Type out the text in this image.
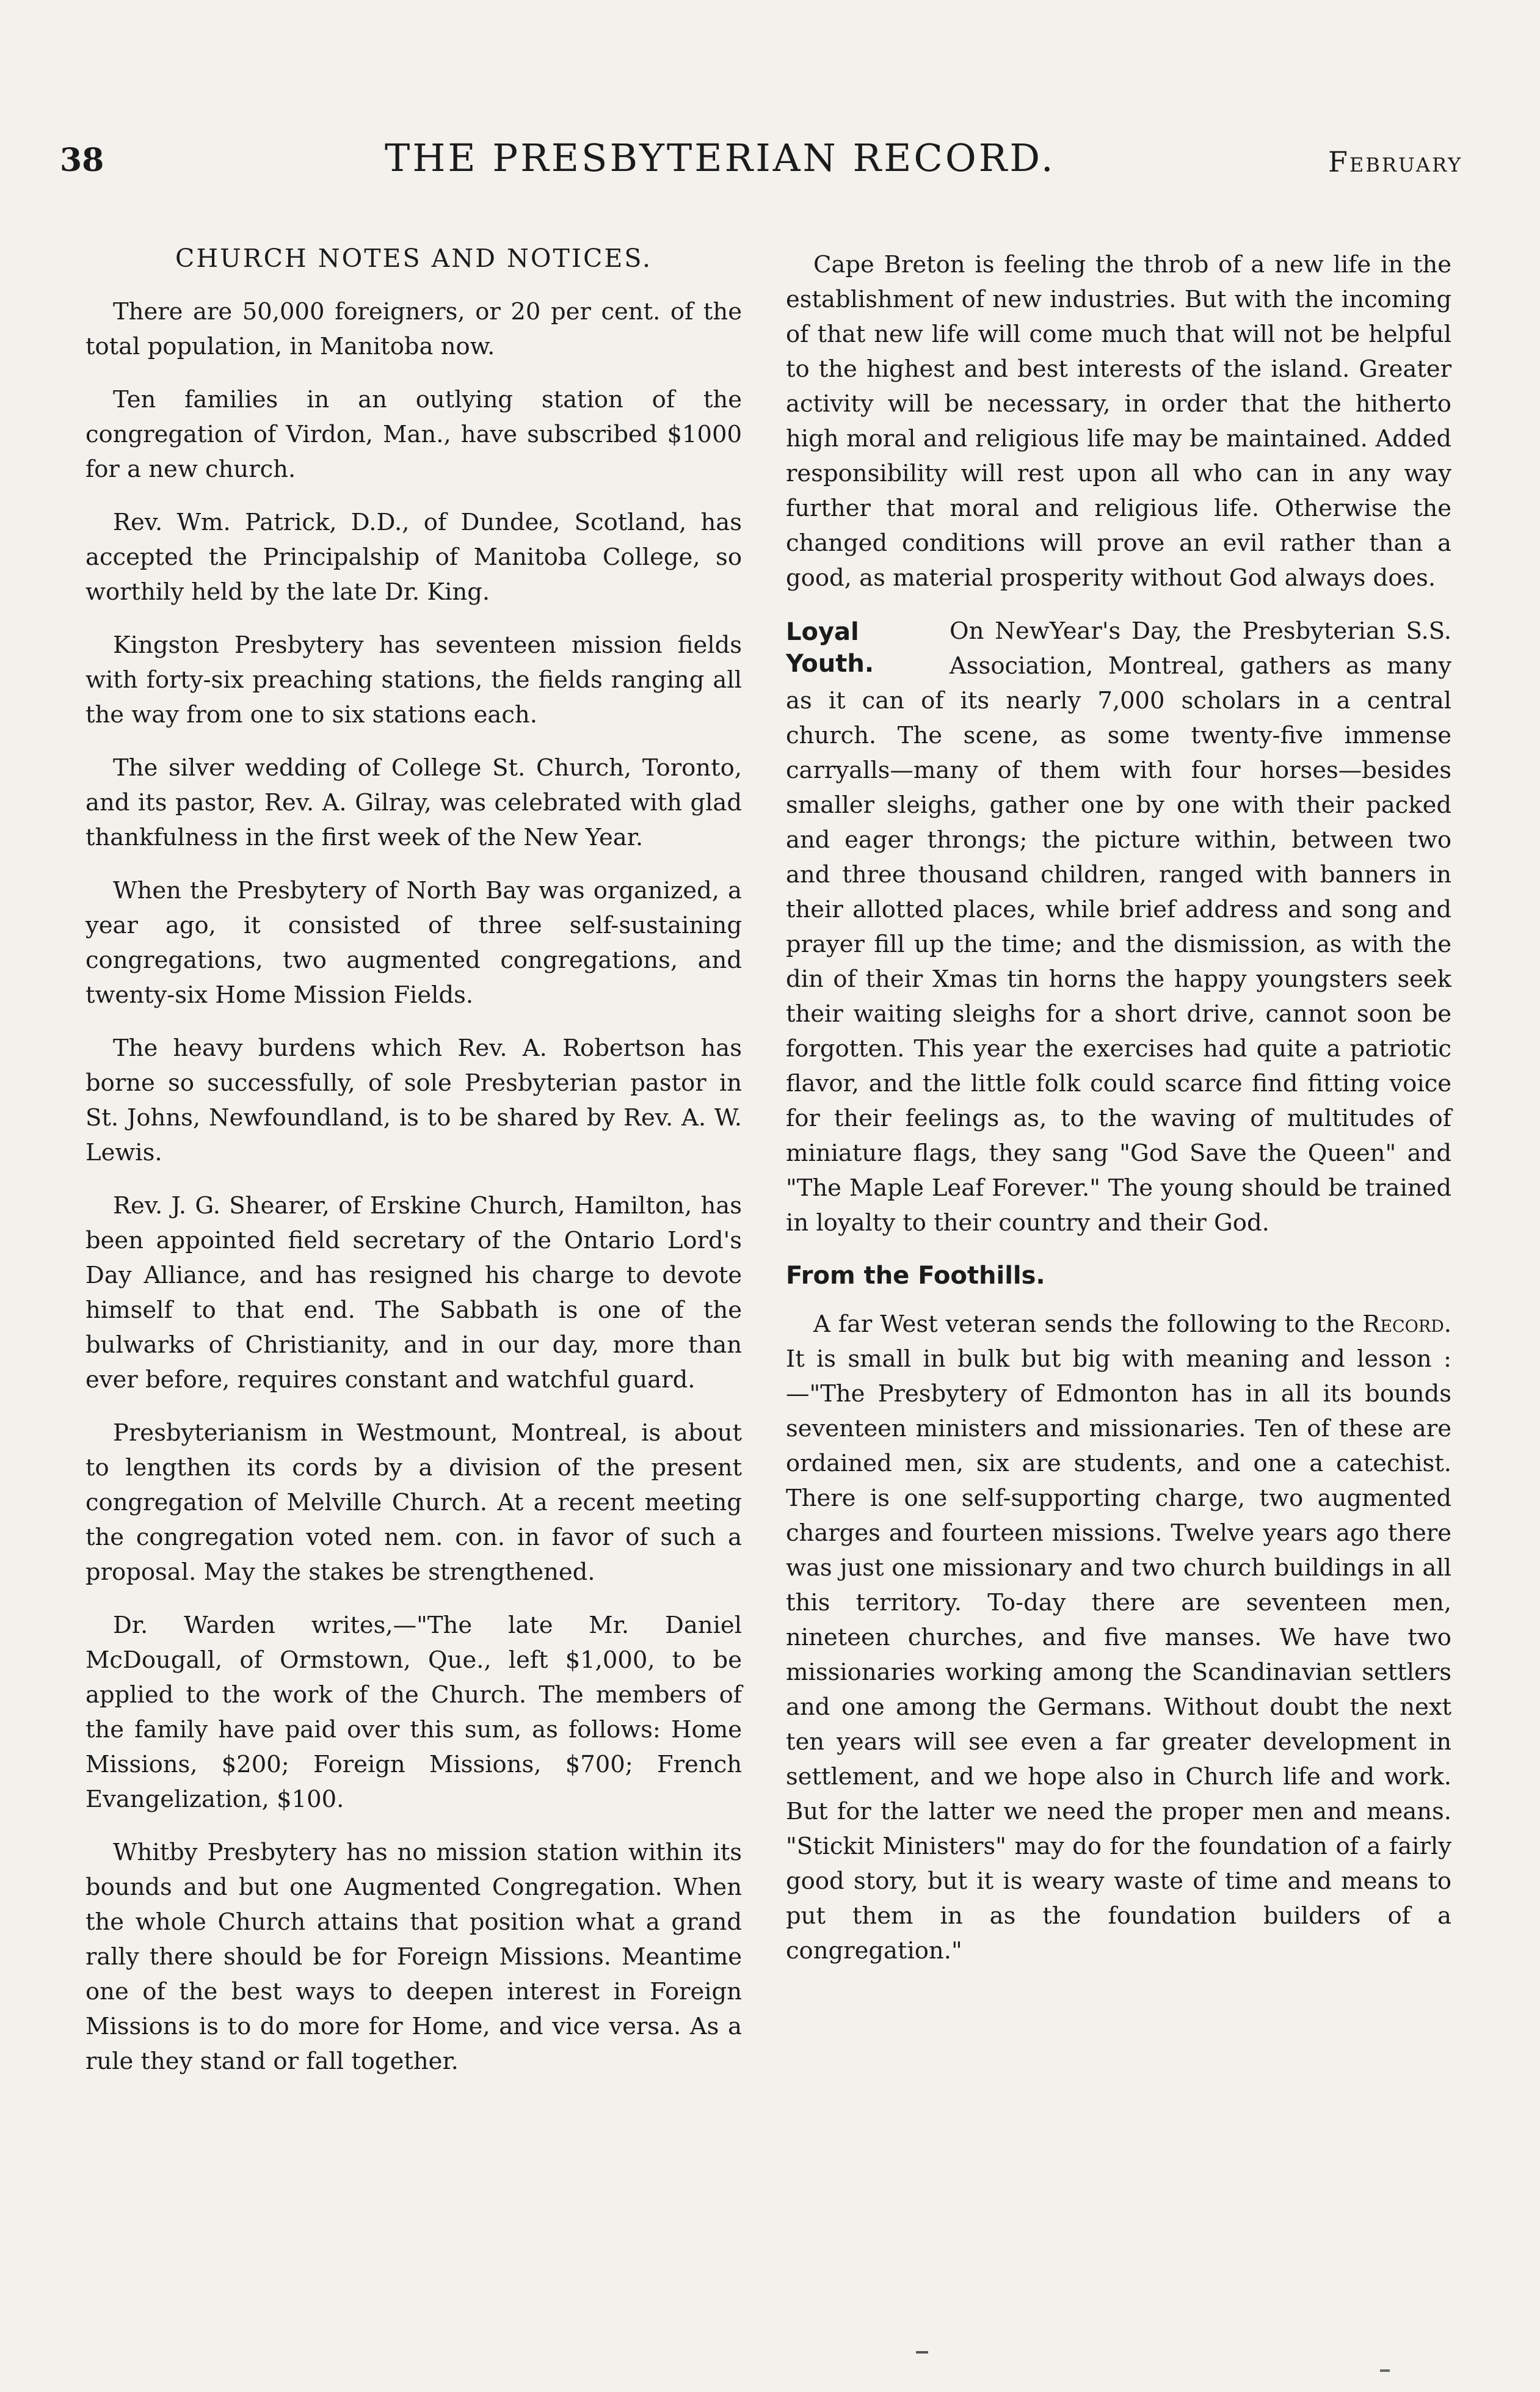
38	THE PRESBYTERIAN RECORD.	February
CHURCH NOTES AND NOTICES.

There are 50,000 foreigners, or 20 per cent. of the total population, in Manitoba now.

Ten families in an outlying station of the congregation of Virdon, Man., have subscribed $1000 for a new church.

Rev. Wm. Patrick, D.D., of Dundee, Scotland, has accepted the Principalship of Manitoba College, so worthily held by the late Dr. King.

Kingston Presbytery has seventeen mission fields with forty-six preaching stations, the fields ranging all the way from one to six stations each.

The silver wedding of College St. Church, Toronto, and its pastor, Rev. A. Gilray, was celebrated with glad thankfulness in the first week of the New Year.

When the Presbytery of North Bay was organized, a year ago, it consisted of three self-sustaining congregations, two augmented congregations, and twenty-six Home Mission Fields.

The heavy burdens which Rev. A. Robertson has borne so successfully, of sole Presbyterian pastor in St. Johns, Newfoundland, is to be shared by Rev. A. W. Lewis.

Rev. J. G. Shearer, of Erskine Church, Hamilton, has been appointed field secretary of the Ontario Lord's Day Alliance, and has resigned his charge to devote himself to that end. The Sabbath is one of the bulwarks of Christianity, and in our day, more than ever before, requires constant and watchful guard.

Presbyterianism in Westmount, Montreal, is about to lengthen its cords by a division of the present congregation of Melville Church. At a recent meeting the congregation voted nem. con. in favor of such a proposal. May the stakes be strengthened.

Dr. Warden writes,—"The late Mr. Daniel McDougall, of Ormstown, Que., left $1,000, to be applied to the work of the Church. The members of the family have paid over this sum, as follows: Home Missions, $200; Foreign Missions, $700; French Evangelization, $100.

Whitby Presbytery has no mission station within its bounds and but one Augmented Congregation. When the whole Church attains that position what a grand rally there should be for Foreign Missions. Meantime one of the best ways to deepen interest in Foreign Missions is to do more for Home, and vice versa. As a rule they stand or fall together.

Cape Breton is feeling the throb of a new life in the establishment of new industries. But with the incoming of that new life will come much that will not be helpful to the highest and best interests of the island. Greater activity will be necessary, in order that the hitherto high moral and religious life may be maintained. Added responsibility will rest upon all who can in any way further that moral and religious life. Otherwise the changed conditions will prove an evil rather than a good, as material prosperity without God always does.

Loyal Youth.
On NewYear's Day, the Presbyterian S.S. Association, Montreal, gathers as many as it can of its nearly 7,000 scholars in a central church. The scene, as some twenty-five immense carryalls—many of them with four horses—besides smaller sleighs, gather one by one with their packed and eager throngs; the picture within, between two and three thousand children, ranged with banners in their allotted places, while brief address and song and prayer fill up the time; and the dismission, as with the din of their Xmas tin horns the happy youngsters seek their waiting sleighs for a short drive, cannot soon be forgotten. This year the exercises had quite a patriotic flavor, and the little folk could scarce find fitting voice for their feelings as, to the waving of multitudes of miniature flags, they sang "God Save the Queen" and "The Maple Leaf Forever." The young should be trained in loyalty to their country and their God.

From the Foothills.

A far West veteran sends the following to the Record. It is small in bulk but big with meaning and lesson :—"The Presbytery of Edmonton has in all its bounds seventeen ministers and missionaries. Ten of these are ordained men, six are students, and one a catechist. There is one self-supporting charge, two augmented charges and fourteen missions. Twelve years ago there was just one missionary and two church buildings in all this territory. To-day there are seventeen men, nineteen churches, and five manses. We have two missionaries working among the Scandinavian settlers and one among the Germans. Without doubt the next ten years will see even a far greater development in settlement, and we hope also in Church life and work. But for the latter we need the proper men and means. "Stickit Ministers" may do for the foundation of a fairly good story, but it is weary waste of time and means to put them in as the foundation builders of a congregation."
